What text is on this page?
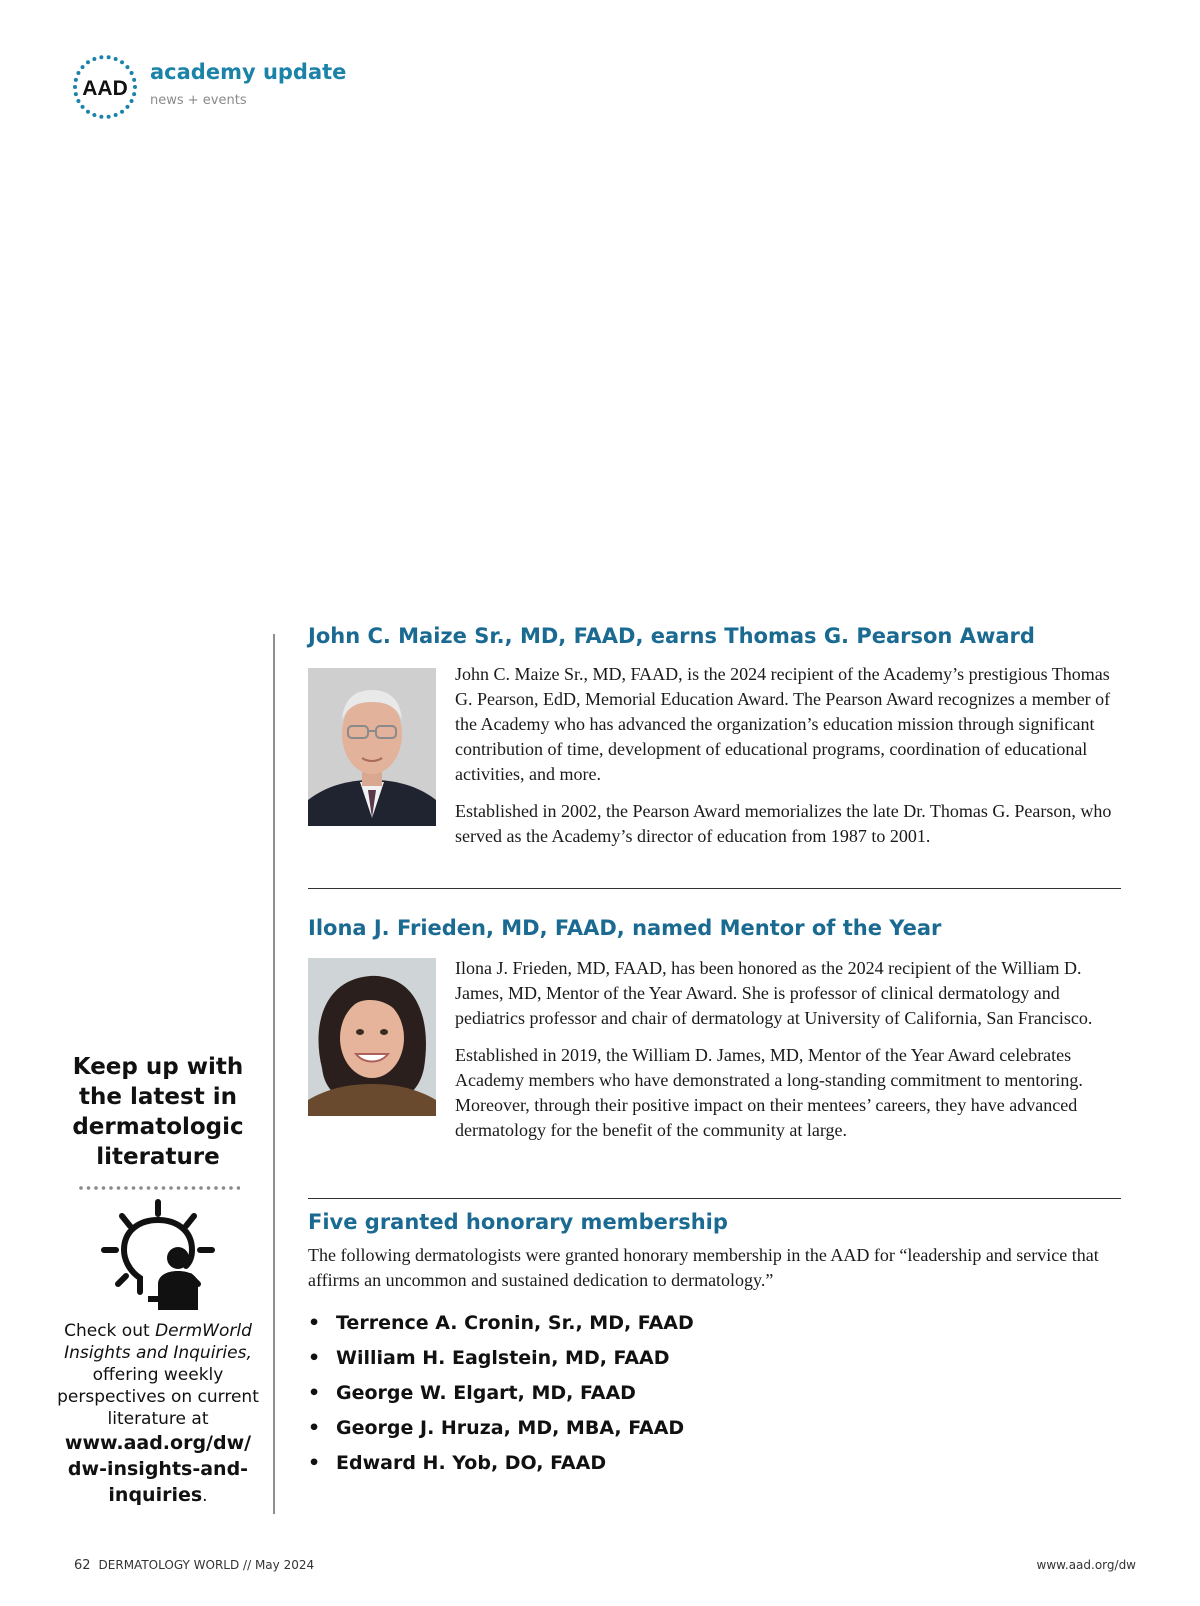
AAD
academy update
news + events
Keep up with the latest in dermatologic literature
Check out DermWorld Insights and Inquiries, offering weekly perspectives on current literature at
www.aad.org/dw/ dw-insights-and-inquiries.
John C. Maize Sr., MD, FAAD, earns Thomas G. Pearson Award

John C. Maize Sr., MD, FAAD, is the 2024 recipient of the Academy’s prestigious Thomas G. Pearson, EdD, Memorial Education Award. The Pearson Award recognizes a member of the Academy who has advanced the organization’s education mission through significant contribution of time, development of educational programs, coordination of educational activities, and more.

Established in 2002, the Pearson Award memorializes the late Dr. Thomas G. Pearson, who served as the Academy’s director of education from 1987 to 2001.

Ilona J. Frieden, MD, FAAD, named Mentor of the Year

Ilona J. Frieden, MD, FAAD, has been honored as the 2024 recipient of the William D. James, MD, Mentor of the Year Award. She is professor of clinical dermatology and pediatrics professor and chair of dermatology at University of California, San Francisco.

Established in 2019, the William D. James, MD, Mentor of the Year Award celebrates Academy members who have demonstrated a long-standing commitment to mentoring. Moreover, through their positive impact on their mentees’ careers, they have advanced dermatology for the benefit of the community at large.

Five granted honorary membership
The following dermatologists were granted honorary membership in the AAD for “leadership and service that affirms an uncommon and sustained dedication to dermatology.”
• Terrence A. Cronin, Sr., MD, FAAD
• William H. Eaglstein, MD, FAAD
• George W. Elgart, MD, FAAD
• George J. Hruza, MD, MBA, FAAD
• Edward H. Yob, DO, FAAD
62 DERMATOLOGY WORLD // May 2024	www.aad.org/dw
